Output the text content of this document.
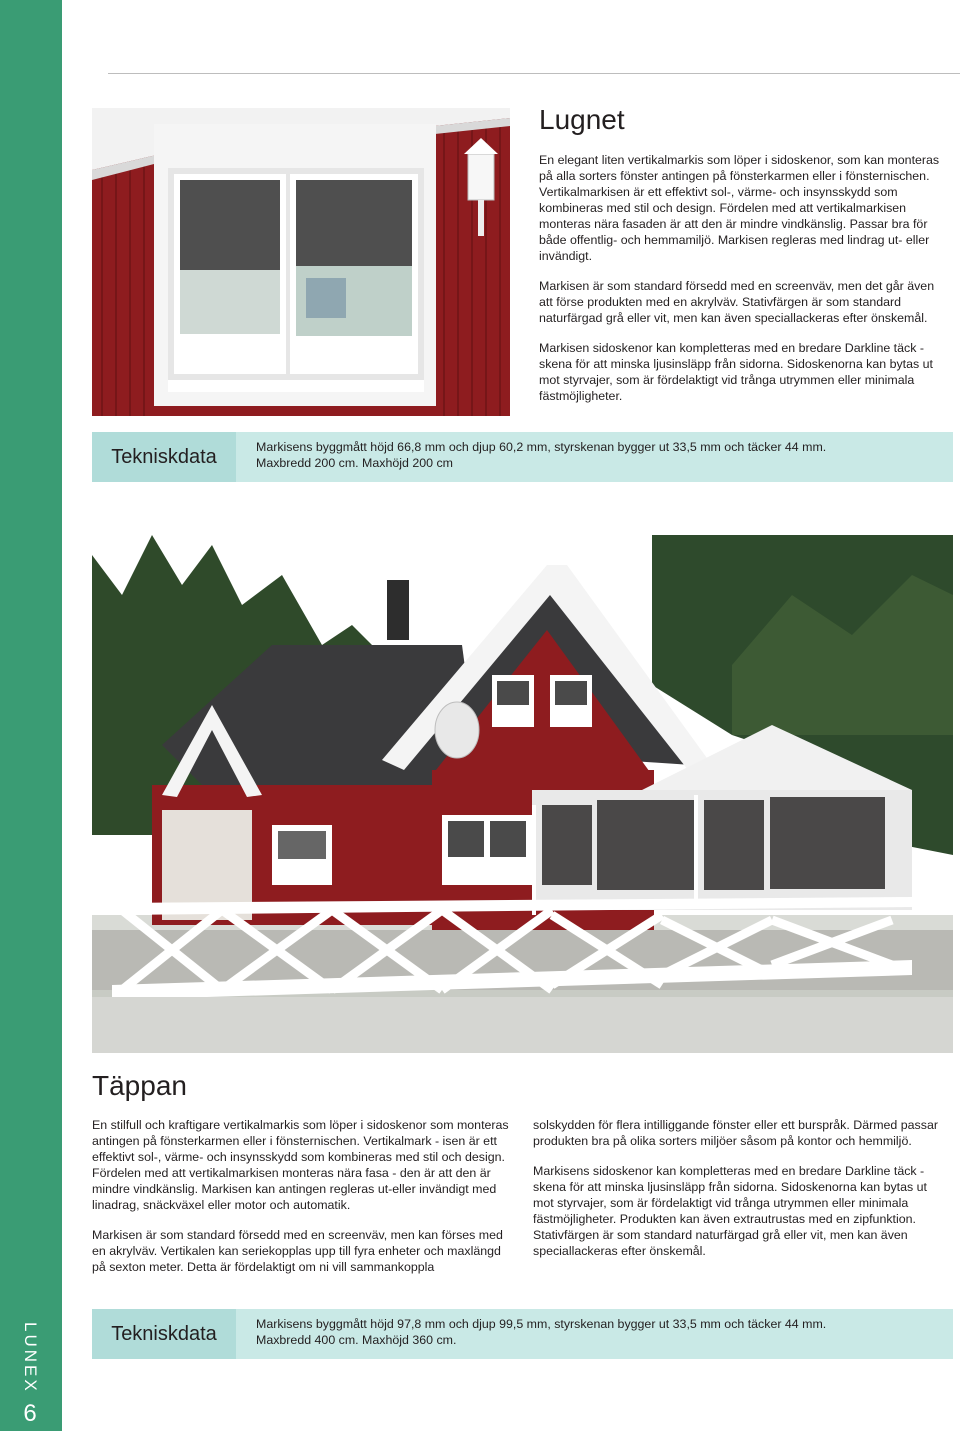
LUNEX
6
Lugnet

En elegant liten vertikalmarkis som löper i sidoskenor, som kan monteras på alla sorters fönster antingen på fönsterkarmen eller i fönsternischen. Vertikalmarkisen är ett effektivt sol-, värme- och insynsskydd som kombineras med stil och design. Fördelen med att vertikalmarkisen monteras nära fasaden är att den är mindre vindkänslig. Passar bra för både offentlig- och hemmamiljö. Markisen regleras med lindrag ut- eller invändigt.

Markisen är som standard försedd med en screenväv, men det går även att förse produkten med en akrylväv. Stativfärgen är som standard naturfärgad grå eller vit, men kan även speciallackeras efter önskemål.

Markisen sidoskenor kan kompletteras med en bredare Darkline täck - skena för att minska ljusinsläpp från sidorna. Sidoskenorna kan bytas ut mot styrvajer, som är fördelaktigt vid trånga utrymmen eller minimala fästmöjligheter.

Tekniskdata	Markisens byggmått höjd 66,8 mm och djup 60,2 mm, styrskenan bygger ut 33,5 mm och täcker 44 mm.
Maxbredd 200 cm. Maxhöjd 200 cm
Täppan

En stilfull och kraftigare vertikalmarkis som löper i sidoskenor som monteras antingen på fönsterkarmen eller i fönsternischen. Vertikalmark - isen är ett effektivt sol-, värme- och insynsskydd som kombineras med stil och design. Fördelen med att vertikalmarkisen monteras nära fasa - den är att den är mindre vindkänslig. Markisen kan antingen regleras ut-eller invändigt med linadrag, snäckväxel eller motor och automatik.

Markisen är som standard försedd med en screenväv, men kan förses med en akrylväv. Vertikalen kan seriekopplas upp till fyra enheter och maxlängd på sexton meter. Detta är fördelaktigt om ni vill sammankoppla

solskydden för flera intilliggande fönster eller ett burspråk. Därmed passar produkten bra på olika sorters miljöer såsom på kontor och hemmiljö.

Markisens sidoskenor kan kompletteras med en bredare Darkline täck - skena för att minska ljusinsläpp från sidorna. Sidoskenorna kan bytas ut mot styrvajer, som är fördelaktigt vid trånga utrymmen eller minimala fästmöjligheter. Produkten kan även extrautrustas med en zipfunktion. Stativfärgen är som standard naturfärgad grå eller vit, men kan även speciallackeras efter önskemål.

Tekniskdata	Markisens byggmått höjd 97,8 mm och djup 99,5 mm, styrskenan bygger ut 33,5 mm och täcker 44 mm.
Maxbredd 400 cm. Maxhöjd 360 cm.
